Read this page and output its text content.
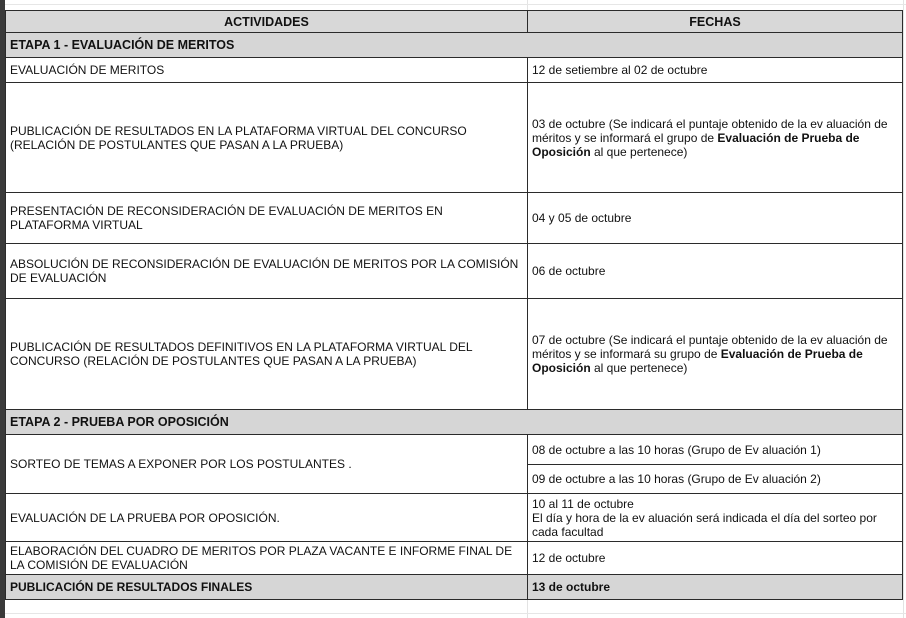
ACTIVIDADES	FECHAS
ETAPA 1 - EVALUACIÓN DE MERITOS	
EVALUACIÓN DE MERITOS	12 de setiembre al 02 de octubre
PUBLICACIÓN DE RESULTADOS EN LA PLATAFORMA VIRTUAL DEL CONCURSO
(RELACIÓN DE POSTULANTES QUE PASAN A LA PRUEBA)	03 de octubre (Se indicará el puntaje obtenido de la ev aluación de méritos y se informará el grupo de Evaluación de Prueba de Oposición al que pertenece)
PRESENTACIÓN DE RECONSIDERACIÓN DE EVALUACIÓN DE MERITOS EN PLATAFORMA VIRTUAL	04 y 05 de octubre
ABSOLUCIÓN DE RECONSIDERACIÓN DE EVALUACIÓN DE MERITOS POR LA COMISIÓN DE EVALUACIÓN	06 de octubre
PUBLICACIÓN DE RESULTADOS DEFINITIVOS EN LA PLATAFORMA VIRTUAL DEL CONCURSO (RELACIÓN DE POSTULANTES QUE PASAN A LA PRUEBA)	07 de octubre (Se indicará el puntaje obtenido de la ev aluación de méritos y se informará su grupo de Evaluación de Prueba de Oposición al que pertenece)
ETAPA 2 - PRUEBA POR OPOSICIÓN	
SORTEO DE TEMAS A EXPONER POR LOS POSTULANTES .	08 de octubre a las 10 horas (Grupo de Ev aluación 1)
	09 de octubre a las 10 horas (Grupo de Ev aluación 2)
EVALUACIÓN DE LA PRUEBA POR OPOSICIÓN.	10 al 11 de octubre
El día y hora de la ev aluación será indicada el día del sorteo por cada facultad
ELABORACIÓN DEL CUADRO DE MERITOS POR PLAZA VACANTE E INFORME FINAL DE LA COMISIÓN DE EVALUACIÓN	12 de octubre
PUBLICACIÓN DE RESULTADOS FINALES	13 de octubre
